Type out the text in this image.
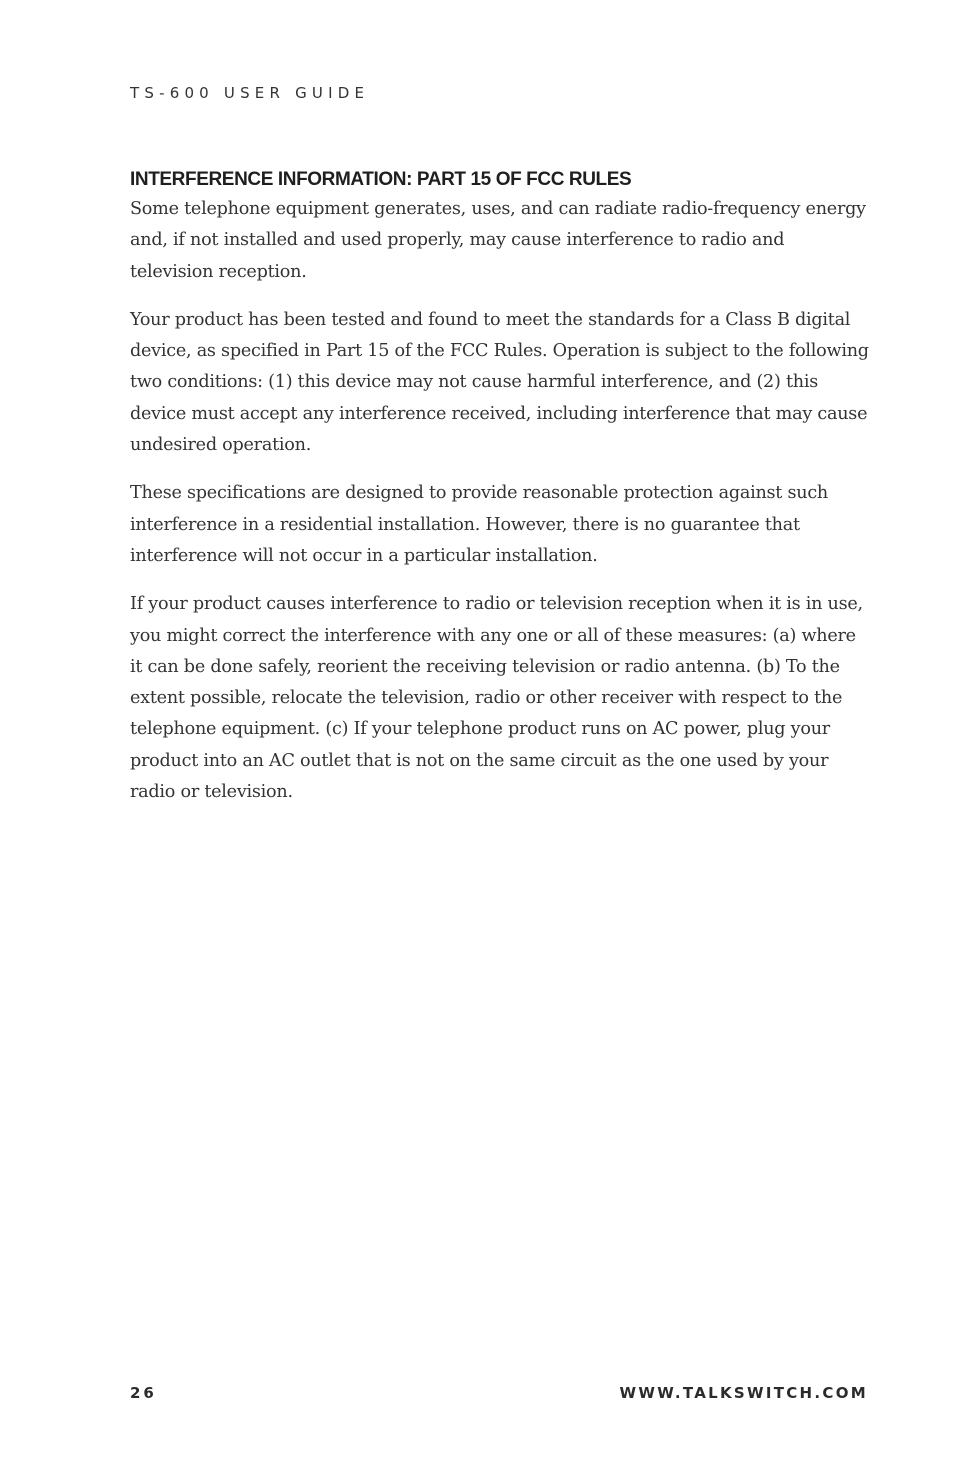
TS-600 USER GUIDE
INTERFERENCE INFORMATION: PART 15 OF FCC RULES

Some telephone equipment generates, uses, and can radiate radio-frequency energy and, if not installed and used properly, may cause interference to radio and television reception.

Your product has been tested and found to meet the standards for a Class B digital device, as specified in Part 15 of the FCC Rules. Operation is subject to the following two conditions: (1) this device may not cause harmful interference, and (2) this device must accept any interference received, including interference that may cause undesired operation.

These specifications are designed to provide reasonable protection against such interference in a residential installation. However, there is no guarantee that interference will not occur in a particular installation.

If your product causes interference to radio or television reception when it is in use, you might correct the interference with any one or all of these measures: (a) where it can be done safely, reorient the receiving television or radio antenna. (b) To the extent possible, relocate the television, radio or other receiver with respect to the telephone equipment. (c) If your telephone product runs on AC power, plug your product into an AC outlet that is not on the same circuit as the one used by your radio or television.

26	WWW.TALKSWITCH.COM
